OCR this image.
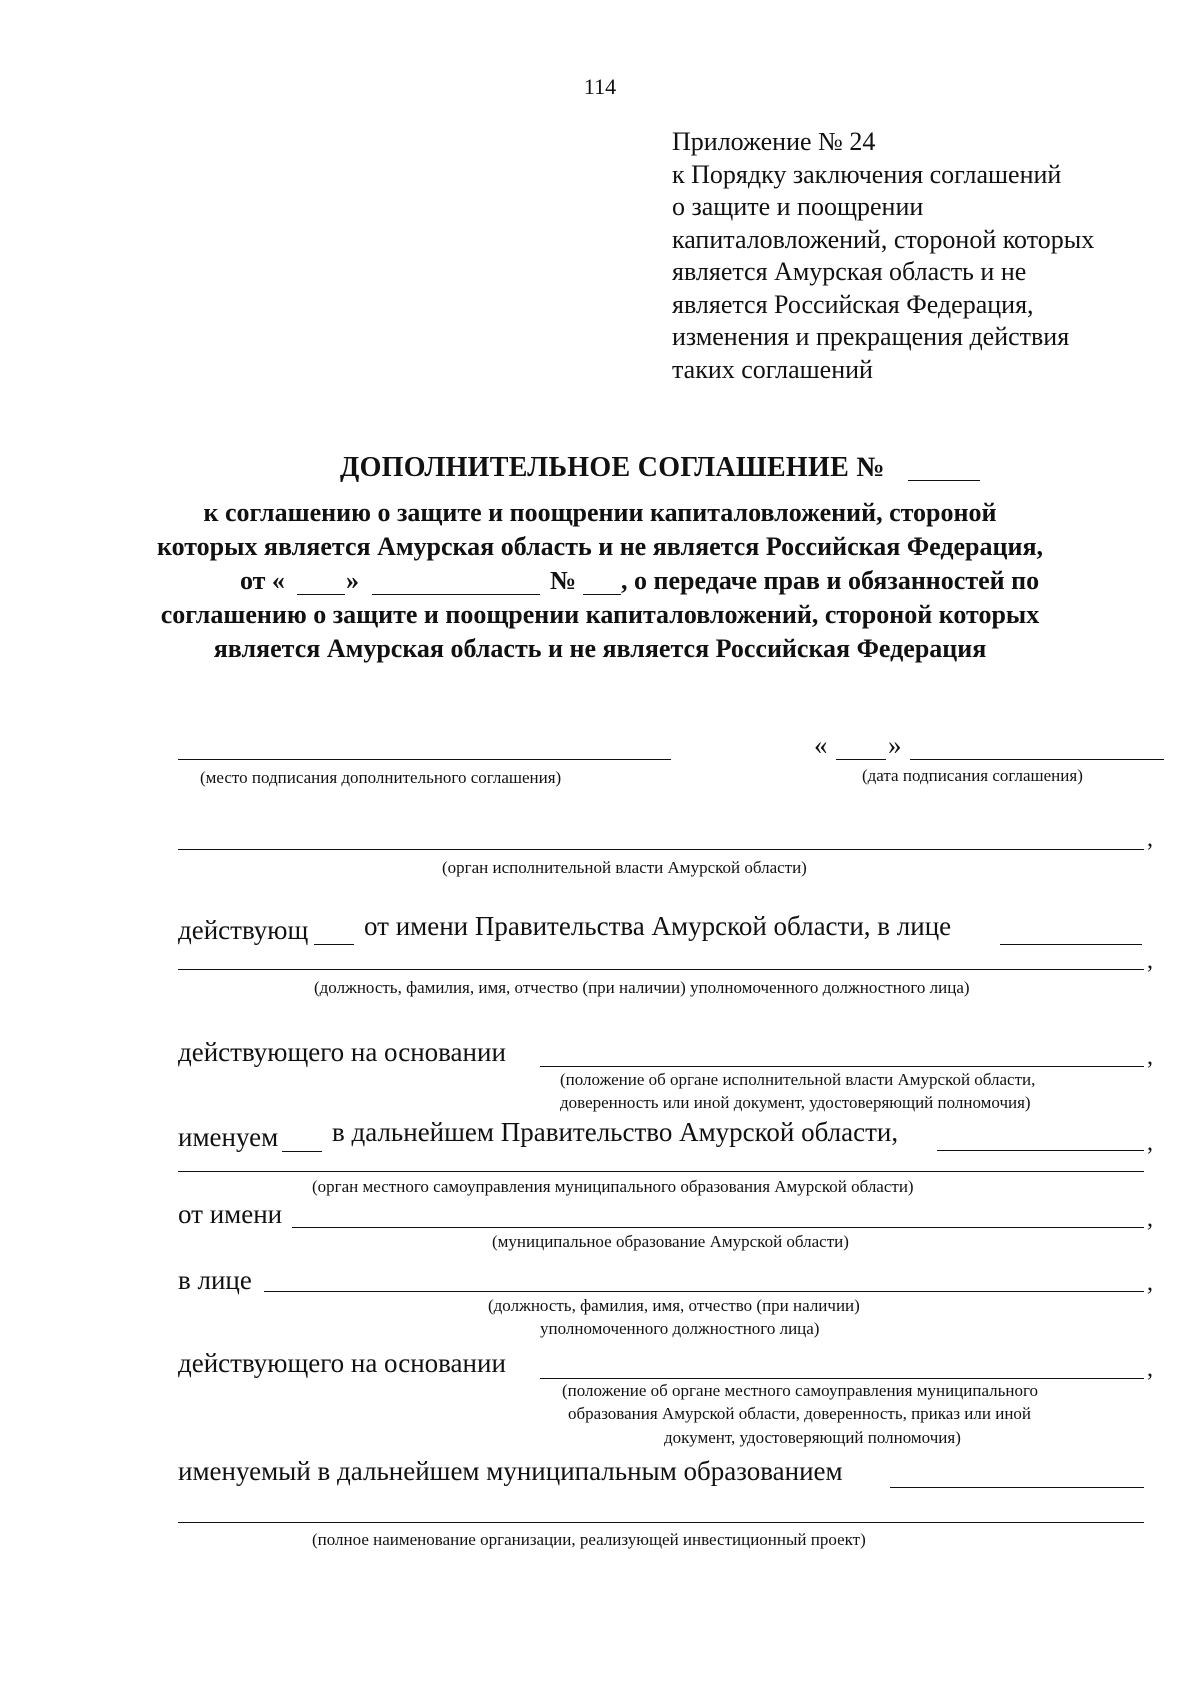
114
Приложение № 24
к Порядку заключения соглашений
о защите и поощрении
капиталовложений, стороной которых
является Амурская область и не
является Российская Федерация,
изменения и прекращения действия
таких соглашений
ДОПОЛНИТЕЛЬНОЕ СОГЛАШЕНИЕ №
к соглашению о защите и поощрении капиталовложений, стороной
которых является Амурская область и не является Российская Федерация,
от « »	№ , о передаче прав и обязанностей по
соглашению о защите и поощрении капиталовложений, стороной которых
является Амурская область и не является Российская Федерация
(место подписания дополнительного соглашения)
« »
(дата подписания соглашения)
,
(орган исполнительной власти Амурской области)
действующ от имени Правительства Амурской области, в лице
,
(должность, фамилия, имя, отчество (при наличии) уполномоченного должностного лица)
действующего на основании	,
(положение об органе исполнительной власти Амурской области,
доверенность или иной документ, удостоверяющий полномочия)
именуем в дальнейшем Правительство Амурской области,	,
(орган местного самоуправления муниципального образования Амурской области)
от имени	,
(муниципальное образование Амурской области)
в лице	,
(должность, фамилия, имя, отчество (при наличии)
уполномоченного должностного лица)
действующего на основании	,
(положение об органе местного самоуправления муниципального
образования Амурской области, доверенность, приказ или иной
документ, удостоверяющий полномочия)
именуемый в дальнейшем муниципальным образованием
(полное наименование организации, реализующей инвестиционный проект)
